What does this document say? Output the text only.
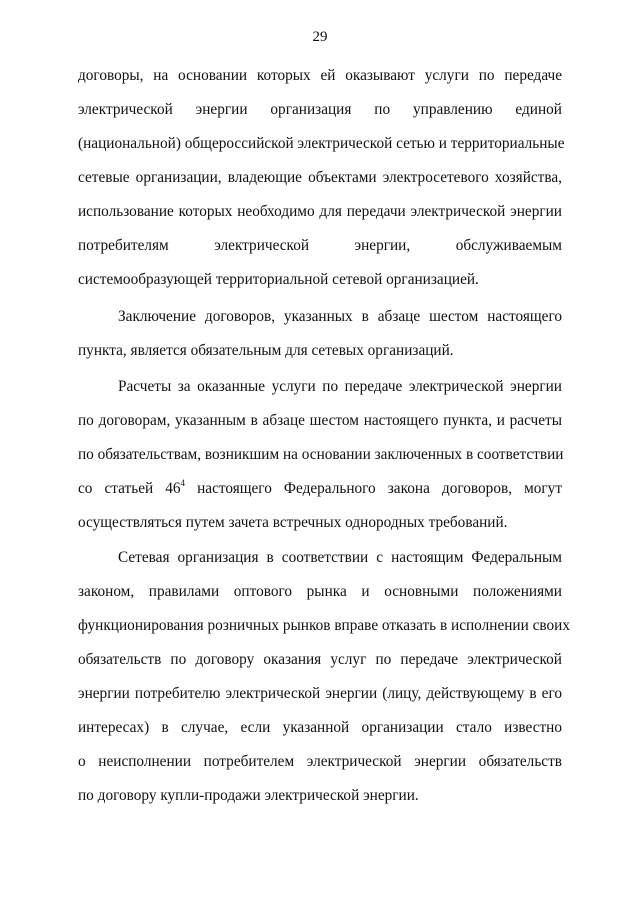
29
договоры, на основании которых ей оказывают услуги по передаче
электрической энергии организация по управлению единой
(национальной) общероссийской электрической сетью и территориальные
сетевые организации, владеющие объектами электросетевого хозяйства,
использование которых необходимо для передачи электрической энергии
потребителям электрической энергии, обслуживаемым
системообразующей территориальной сетевой организацией.
Заключение договоров, указанных в абзаце шестом настоящего
пункта, является обязательным для сетевых организаций.
Расчеты за оказанные услуги по передаче электрической энергии
по договорам, указанным в абзаце шестом настоящего пункта, и расчеты
по обязательствам, возникшим на основании заключенных в соответствии
со статьей $46^4$ настоящего Федерального закона договоров, могут
осуществляться путем зачета встречных однородных требований.
Сетевая организация в соответствии с настоящим Федеральным
законом, правилами оптового рынка и основными положениями
функционирования розничных рынков вправе отказать в исполнении своих
обязательств по договору оказания услуг по передаче электрической
энергии потребителю электрической энергии (лицу, действующему в его
интересах) в случае, если указанной организации стало известно
о неисполнении потребителем электрической энергии обязательств
по договору купли-продажи электрической энергии.
